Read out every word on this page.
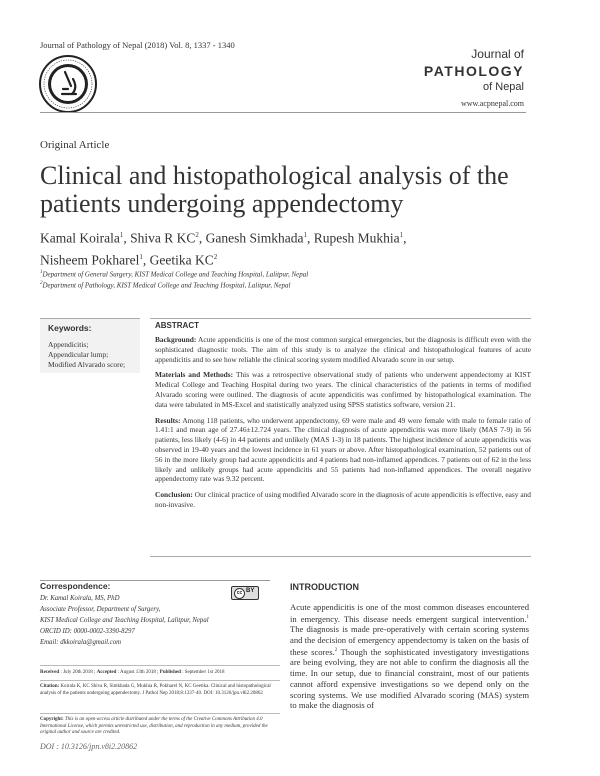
Journal of Pathology of Nepal (2018) Vol. 8, 1337 - 1340
Journal of
PATHOLOGY
of Nepal
www.acpnepal.com
Original Article
Clinical and histopathological analysis of the patients undergoing appendectomy
Kamal Koirala$^1$, Shiva R $KC^2$, Ganesh Simkhada$^1$, Rupesh Mukhia$^1$,
Nisheem Pokharel$^1$, Geetika $KC^2$
$^1$Department of General Surgery, KIST Medical College and Teaching Hospital, Lalitpur, Nepal
$^2$Department of Pathology, KIST Medical College and Teaching Hospital, Lalitpur, Nepal
Keywords:
Appendicitis;
Appendicular lump;
Modified Alvarado score;
ABSTRACT

Background: Acute appendicitis is one of the most common surgical emergencies, but the diagnosis is difficult even with the sophisticated diagnostic tools. The aim of this study is to analyze the clinical and histopathological features of acute appendicitis and to see how reliable the clinical scoring system modified Alvarado score in our setup.

Materials and Methods: This was a retrospective observational study of patients who underwent appendectomy at KIST Medical College and Teaching Hospital during two years. The clinical characteristics of the patients in terms of modified Alvarado scoring were outlined. The diagnosis of acute appendicitis was confirmed by histopathological examination. The data were tabulated in MS-Excel and statistically analyzed using SPSS statistics software, version 21.

Results: Among 118 patients, who underwent appendectomy, 69 were male and 49 were female with male to female ratio of 1.41:1 and mean age of 27.46±12.724 years. The clinical diagnosis of acute appendicitis was more likely (MAS 7-9) in 56 patients, less likely (4-6) in 44 patients and unlikely (MAS 1-3) in 18 patients. The highest incidence of acute appendicitis was observed in 19-40 years and the lowest incidence in 61 years or above. After histopathological examination, 52 patients out of 56 in the more likely group had acute appendicitis and 4 patients had non-inflamed appendices. 7 patients out of 62 in the less likely and unlikely groups had acute appendicitis and 55 patients had non-inflamed appendices. The overall negative appendectomy rate was 9.32 percent.

Conclusion: Our clinical practice of using modified Alvarado score in the diagnosis of acute appendicitis is effective, easy and non-invasive.

Correspondence:
cc BY
Dr. Kamal Koirala, MS, PhD
Associate Professor, Department of Surgery,
KIST Medical College and Teaching Hospital, Lalitpur, Nepal
ORCID ID: 0000-0002-3390-8297
Email: dkkoirala@gmail.com
Received : July 20th 2018 ; Accepted : August 13th 2018 ; Published : September 1st 2018
Citation: Koirala K, KC Shiva R, Simkhada G, Mukhia R, Pokharel N, KC Geetika. Clinical and histopathological analysis of the patients undergoing appendectomy. J Pathol Nep 2018;8:1337-40. DOI: 10.3126/jpn.v8i2.20862
Copyright: This is an open-access article distributed under the terms of the Creative Commons Attribution 4.0 International License, which permits unrestricted use, distribution, and reproduction in any medium, provided the original author and source are credited.
DOI : 10.3126/jpn.v8i2.20862
INTRODUCTION
Acute appendicitis is one of the most common diseases encountered in emergency. This disease needs emergent surgical intervention.$^1$ The diagnosis is made pre-operatively with certain scoring systems and the decision of emergency appendectomy is taken on the basis of these scores.$^2$ Though the sophisticated investigatory investigations are being evolving, they are not able to confirm the diagnosis all the time. In our setup, due to financial constraint, most of our patients cannot afford expensive investigations so we depend only on the scoring systems. We use modified Alvarado scoring (MAS) system to make the diagnosis of
